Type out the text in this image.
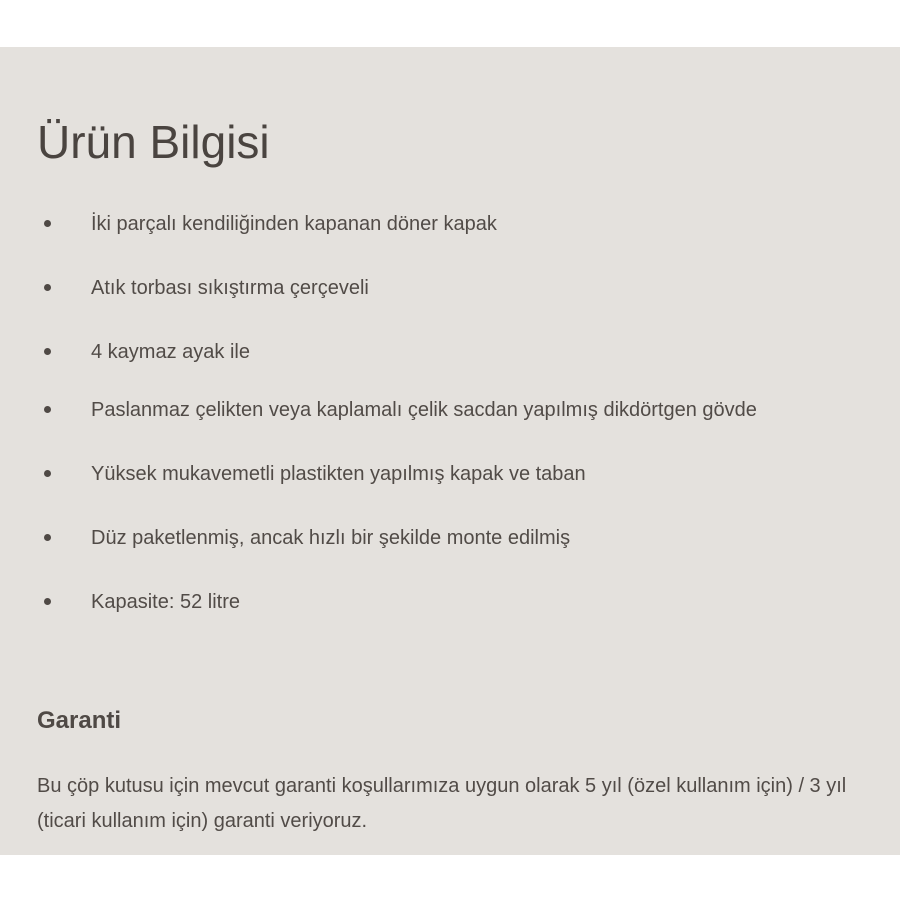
Ürün Bilgisi
İki parçalı kendiliğinden kapanan döner kapak
Atık torbası sıkıştırma çerçeveli
4 kaymaz ayak ile
Paslanmaz çelikten veya kaplamalı çelik sacdan yapılmış dikdörtgen gövde
Yüksek mukavemetli plastikten yapılmış kapak ve taban
Düz paketlenmiş, ancak hızlı bir şekilde monte edilmiş
Kapasite: 52 litre
Garanti

Bu çöp kutusu için mevcut garanti koşullarımıza uygun olarak 5 yıl (özel kullanım için) / 3 yıl (ticari kullanım için) garanti veriyoruz.
